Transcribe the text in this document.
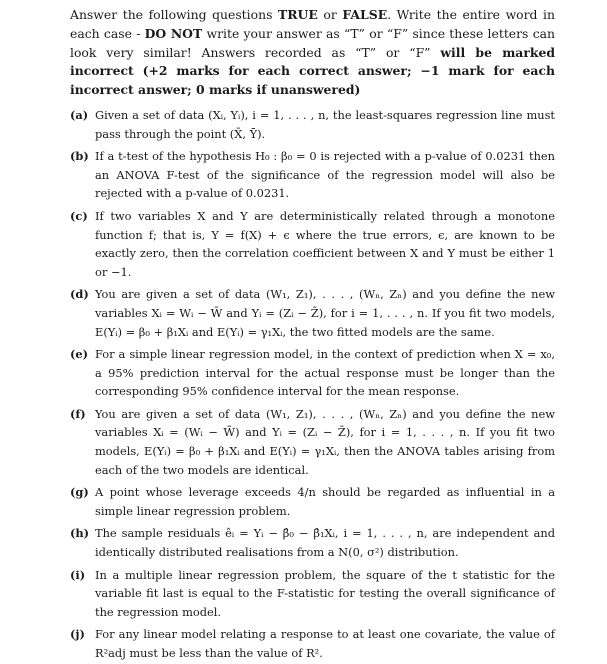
Answer the following questions TRUE or FALSE. Write the entire word in each case - DO NOT write your answer as “T” or “F” since these letters can look very similar! Answers recorded as “T” or “F” will be marked incorrect (+2 marks for each correct answer; −1 mark for each incorrect answer; 0 marks if unanswered)

(a) Given a set of data (Xᵢ, Yᵢ), i = 1, . . . , n, the least-squares regression line must pass through the point (X̄, Ȳ).
(b) If a t-test of the hypothesis H₀ : β₀ = 0 is rejected with a p-value of 0.0231 then an ANOVA F-test of the significance of the regression model will also be rejected with a p-value of 0.0231.
(c) If two variables X and Y are deterministically related through a monotone function f; that is, Y = f(X) + ϵ where the true errors, ϵ, are known to be exactly zero, then the correlation coefficient between X and Y must be either 1 or −1.
(d) You are given a set of data (W₁, Z₁), . . . , (Wₙ, Zₙ) and you define the new variables Xᵢ = Wᵢ − W̄ and Yᵢ = (Zᵢ − Z̄), for i = 1, . . . , n. If you fit two models, E(Yᵢ) = β₀ + β₁Xᵢ and E(Yᵢ) = γ₁Xᵢ, the two fitted models are the same.
(e) For a simple linear regression model, in the context of prediction when X = x₀, a 95% prediction interval for the actual response must be longer than the corresponding 95% confidence interval for the mean response.
(f) You are given a set of data (W₁, Z₁), . . . , (Wₙ, Zₙ) and you define the new variables Xᵢ = (Wᵢ − W̄) and Yᵢ = (Zᵢ − Z̄), for i = 1, . . . , n. If you fit two models, E(Yᵢ) = β₀ + β₁Xᵢ and E(Yᵢ) = γ₁Xᵢ, then the ANOVA tables arising from each of the two models are identical.
(g) A point whose leverage exceeds 4/n should be regarded as influential in a simple linear regression problem.
(h) The sample residuals êᵢ = Yᵢ − β̂₀ − β̂₁Xᵢ, i = 1, . . . , n, are independent and identically distributed realisations from a N(0, σ²) distribution.
(i) In a multiple linear regression problem, the square of the t statistic for the variable fit last is equal to the F-statistic for testing the overall significance of the regression model.
(j) For any linear model relating a response to at least one covariate, the value of R²adj must be less than the value of R².
